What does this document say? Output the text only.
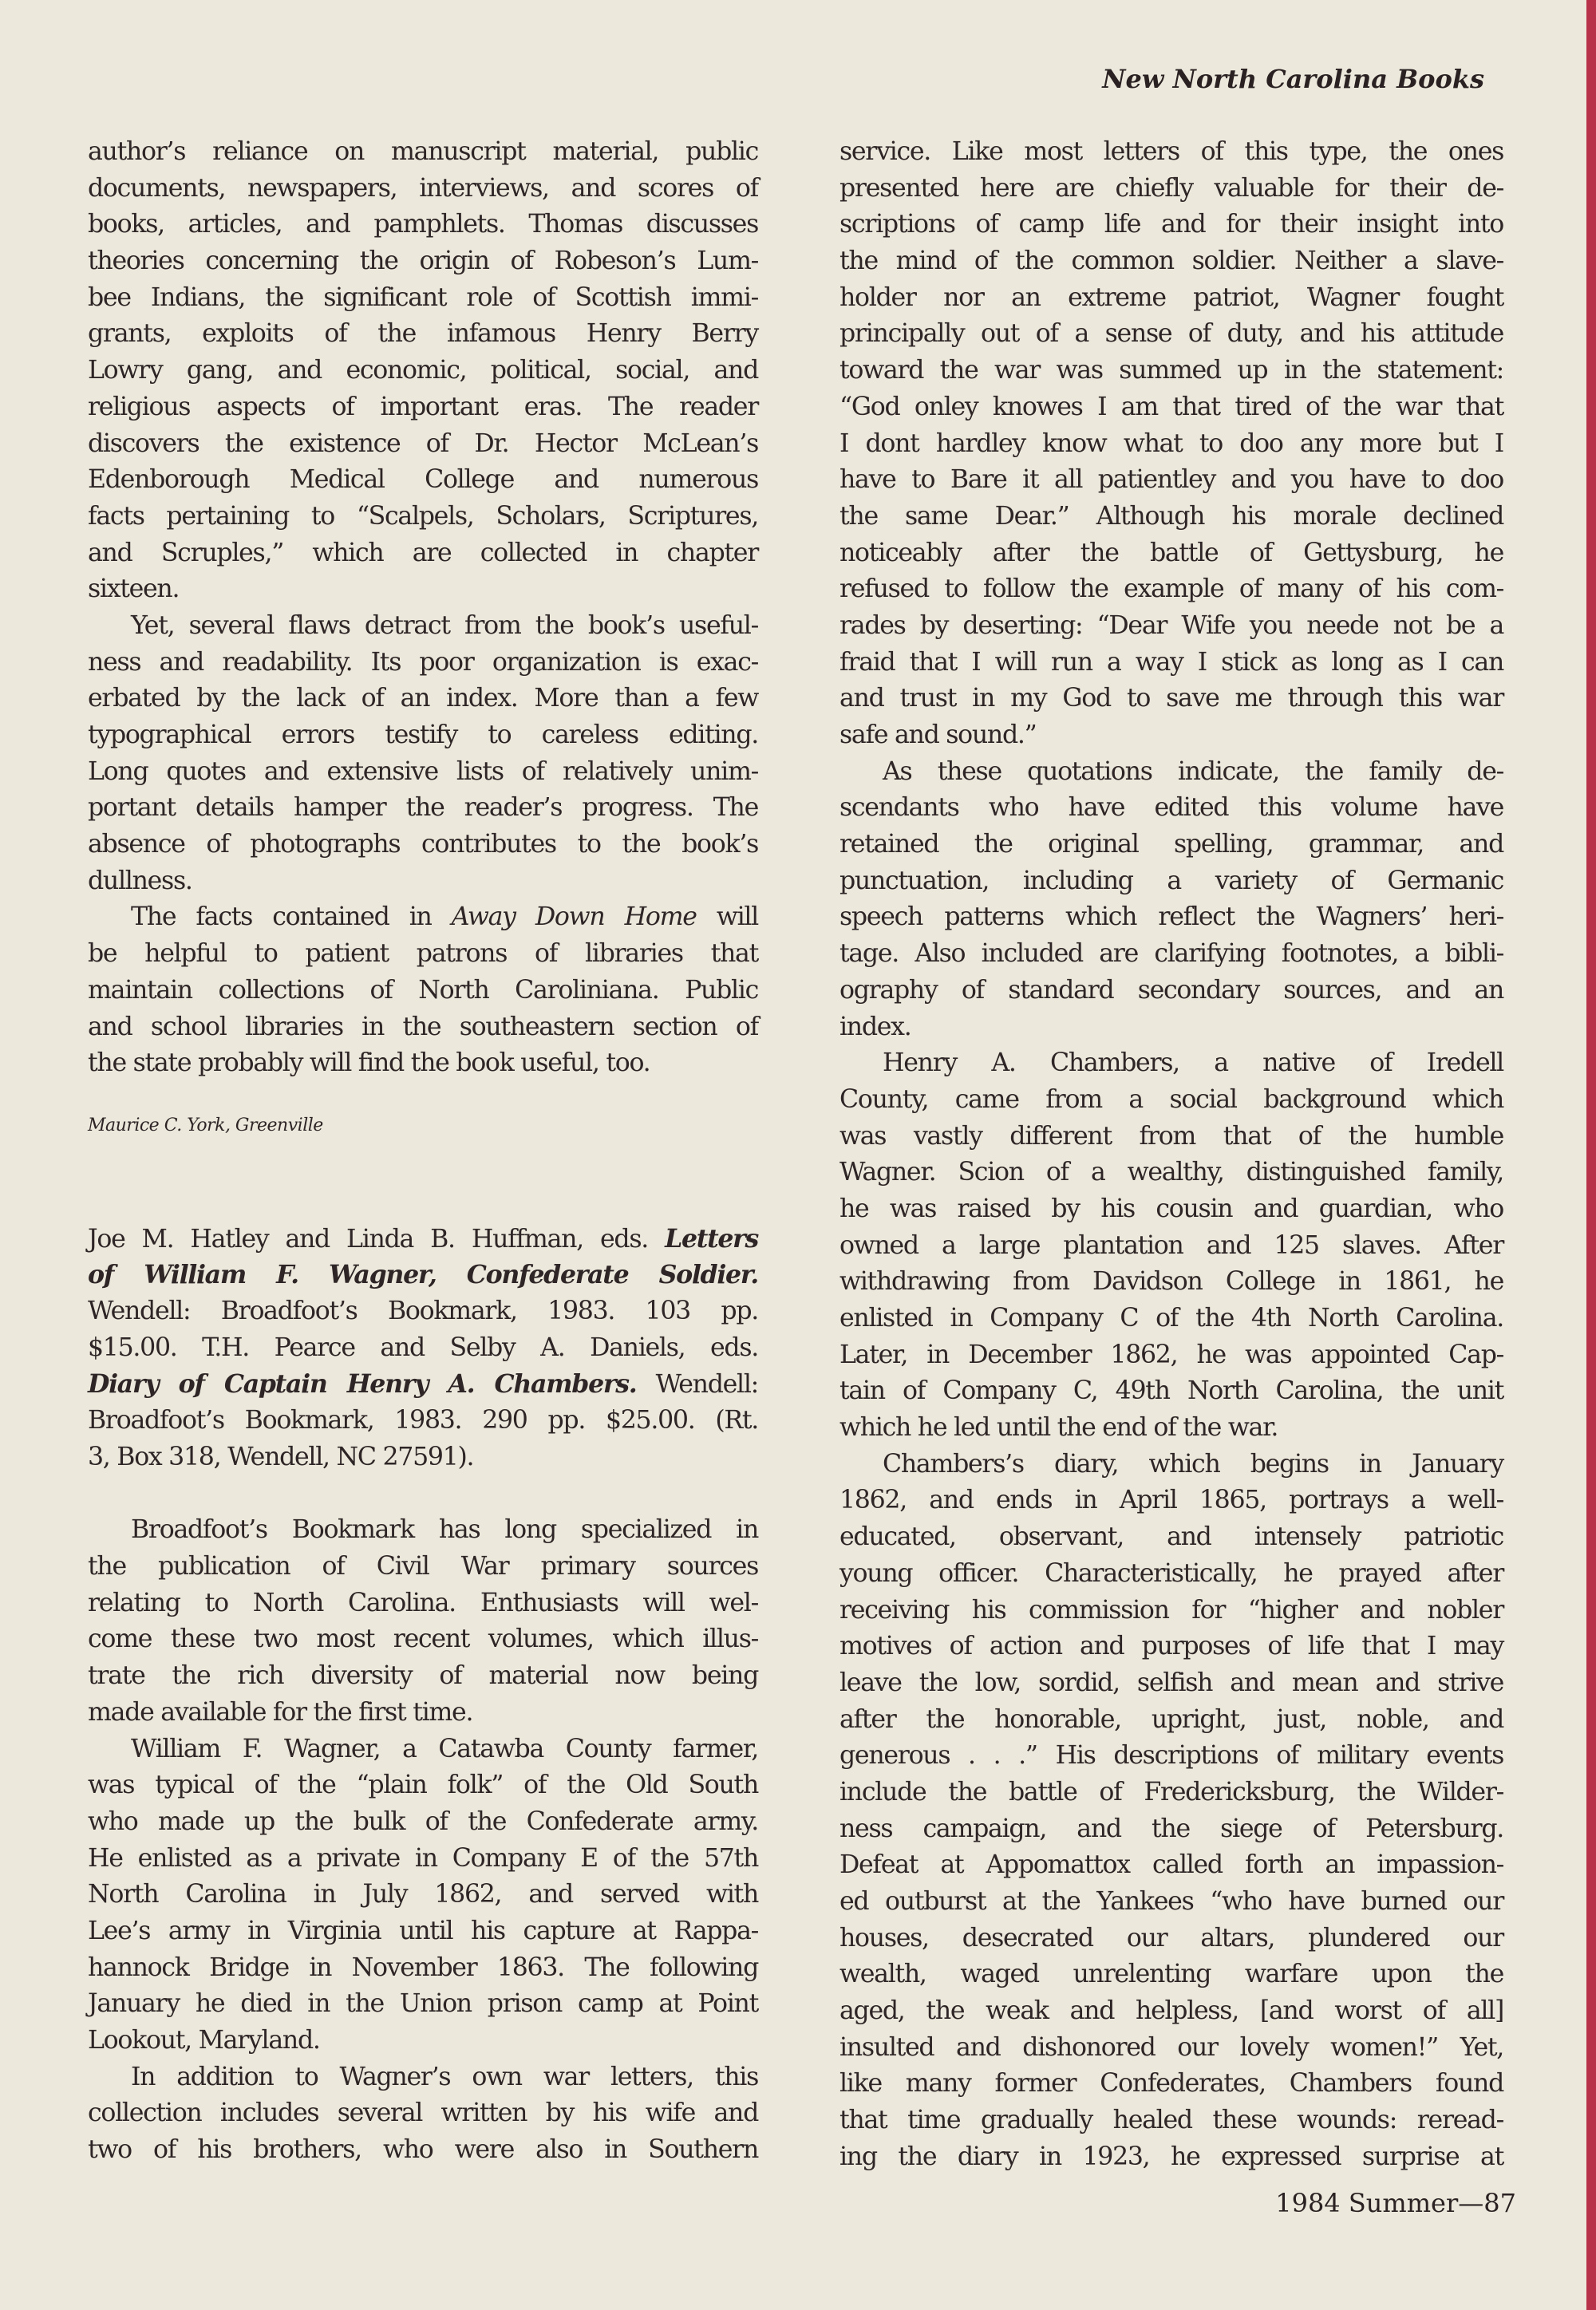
New North Carolina Books
author’s reliance on manuscript material, public
documents, newspapers, interviews, and scores of
books, articles, and pamphlets. Thomas discusses
theories concerning the origin of Robeson’s Lum-
bee Indians, the significant role of Scottish immi-
grants, exploits of the infamous Henry Berry
Lowry gang, and economic, political, social, and
religious aspects of important eras. The reader
discovers the existence of Dr. Hector McLean’s
Edenborough Medical College and numerous
facts pertaining to “Scalpels, Scholars, Scriptures,
and Scruples,” which are collected in chapter
sixteen.
Yet, several flaws detract from the book’s useful-
ness and readability. Its poor organization is exac-
erbated by the lack of an index. More than a few
typographical errors testify to careless editing.
Long quotes and extensive lists of relatively unim-
portant details hamper the reader’s progress. The
absence of photographs contributes to the book’s
dullness.
The facts contained in Away Down Home will
be helpful to patient patrons of libraries that
maintain collections of North Caroliniana. Public
and school libraries in the southeastern section of
the state probably will find the book useful, too.
Maurice C. York, Greenville
Joe M. Hatley and Linda B. Huffman, eds. Letters
of William F. Wagner, Confederate Soldier.
Wendell: Broadfoot’s Bookmark, 1983. 103 pp.
$15.00. T.H. Pearce and Selby A. Daniels, eds.
Diary of Captain Henry A. Chambers. Wendell:
Broadfoot’s Bookmark, 1983. 290 pp. $25.00. (Rt.
3, Box 318, Wendell, NC 27591).
Broadfoot’s Bookmark has long specialized in
the publication of Civil War primary sources
relating to North Carolina. Enthusiasts will wel-
come these two most recent volumes, which illus-
trate the rich diversity of material now being
made available for the first time.
William F. Wagner, a Catawba County farmer,
was typical of the “plain folk” of the Old South
who made up the bulk of the Confederate army.
He enlisted as a private in Company E of the 57th
North Carolina in July 1862, and served with
Lee’s army in Virginia until his capture at Rappa-
hannock Bridge in November 1863. The following
January he died in the Union prison camp at Point
Lookout, Maryland.
In addition to Wagner’s own war letters, this
collection includes several written by his wife and
two of his brothers, who were also in Southern
service. Like most letters of this type, the ones
presented here are chiefly valuable for their de-
scriptions of camp life and for their insight into
the mind of the common soldier. Neither a slave-
holder nor an extreme patriot, Wagner fought
principally out of a sense of duty, and his attitude
toward the war was summed up in the statement:
“God onley knowes I am that tired of the war that
I dont hardley know what to doo any more but I
have to Bare it all patientley and you have to doo
the same Dear.” Although his morale declined
noticeably after the battle of Gettysburg, he
refused to follow the example of many of his com-
rades by deserting: “Dear Wife you neede not be a
fraid that I will run a way I stick as long as I can
and trust in my God to save me through this war
safe and sound.”
As these quotations indicate, the family de-
scendants who have edited this volume have
retained the original spelling, grammar, and
punctuation, including a variety of Germanic
speech patterns which reflect the Wagners’ heri-
tage. Also included are clarifying footnotes, a bibli-
ography of standard secondary sources, and an
index.
Henry A. Chambers, a native of Iredell
County, came from a social background which
was vastly different from that of the humble
Wagner. Scion of a wealthy, distinguished family,
he was raised by his cousin and guardian, who
owned a large plantation and 125 slaves. After
withdrawing from Davidson College in 1861, he
enlisted in Company C of the 4th North Carolina.
Later, in December 1862, he was appointed Cap-
tain of Company C, 49th North Carolina, the unit
which he led until the end of the war.
Chambers’s diary, which begins in January
1862, and ends in April 1865, portrays a well-
educated, observant, and intensely patriotic
young officer. Characteristically, he prayed after
receiving his commission for “higher and nobler
motives of action and purposes of life that I may
leave the low, sordid, selfish and mean and strive
after the honorable, upright, just, noble, and
generous . . .” His descriptions of military events
include the battle of Fredericksburg, the Wilder-
ness campaign, and the siege of Petersburg.
Defeat at Appomattox called forth an impassion-
ed outburst at the Yankees “who have burned our
houses, desecrated our altars, plundered our
wealth, waged unrelenting warfare upon the
aged, the weak and helpless, [and worst of all]
insulted and dishonored our lovely women!” Yet,
like many former Confederates, Chambers found
that time gradually healed these wounds: reread-
ing the diary in 1923, he expressed surprise at
1984 Summer—87
